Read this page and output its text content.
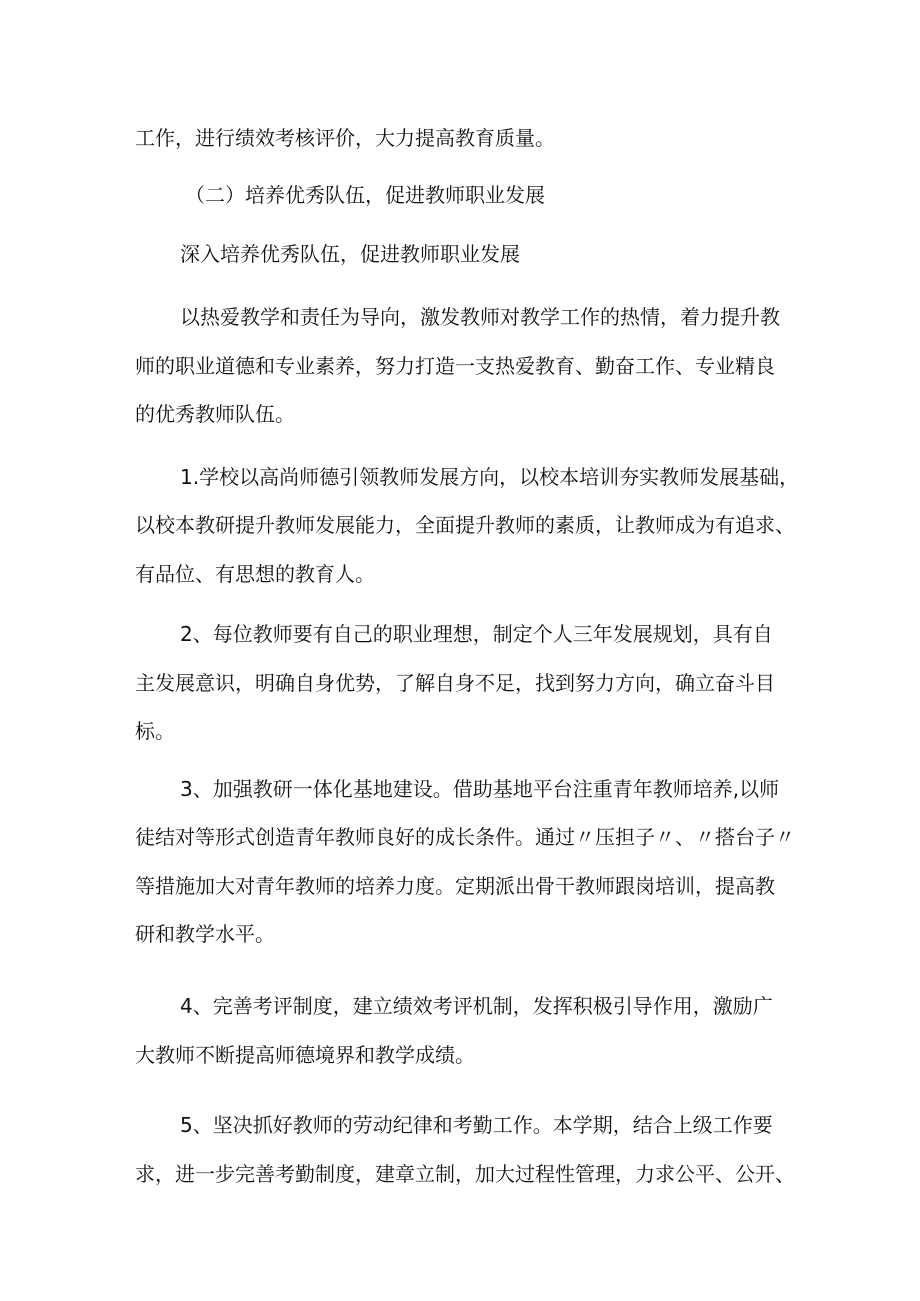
工作，进行绩效考核评价，大力提高教育质量。
（二）培养优秀队伍，促进教师职业发展
深入培养优秀队伍，促进教师职业发展
以热爱教学和责任为导向，激发教师对教学工作的热情，着力提升教
师的职业道德和专业素养，努力打造一支热爱教育、勤奋工作、专业精良
的优秀教师队伍。
1.学校以高尚师德引领教师发展方向，以校本培训夯实教师发展基础，
以校本教研提升教师发展能力，全面提升教师的素质，让教师成为有追求、
有品位、有思想的教育人。
2、每位教师要有自己的职业理想，制定个人三年发展规划，具有自
主发展意识，明确自身优势，了解自身不足，找到努力方向，确立奋斗目
标。
3、加强教研一体化基地建设。借助基地平台注重青年教师培养,以师
徒结对等形式创造青年教师良好的成长条件。通过〃压担子〃、〃搭台子〃
等措施加大对青年教师的培养力度。定期派出骨干教师跟岗培训，提高教
研和教学水平。
4、完善考评制度，建立绩效考评机制，发挥积极引导作用，激励广
大教师不断提高师德境界和教学成绩。
5、坚决抓好教师的劳动纪律和考勤工作。本学期，结合上级工作要
求，进一步完善考勤制度，建章立制，加大过程性管理，力求公平、公开、
